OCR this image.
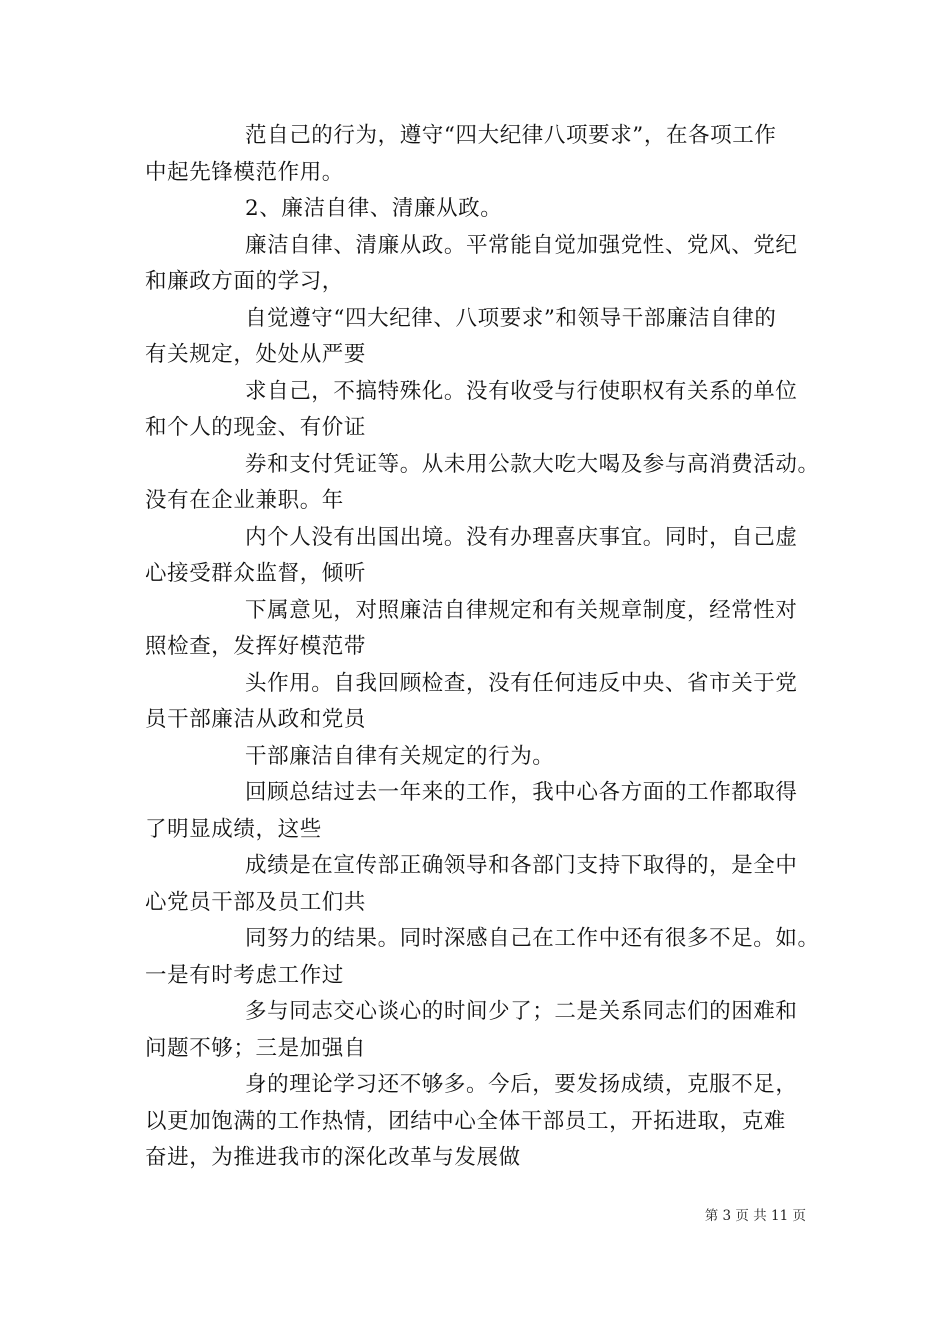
范自己的行为，遵守“四大纪律八项要求”，在各项工作
中起先锋模范作用。
2、廉洁自律、清廉从政。
廉洁自律、清廉从政。平常能自觉加强党性、党风、党纪
和廉政方面的学习，
自觉遵守“四大纪律、八项要求”和领导干部廉洁自律的
有关规定，处处从严要
求自己，不搞特殊化。没有收受与行使职权有关系的单位
和个人的现金、有价证
券和支付凭证等。从未用公款大吃大喝及参与高消费活动。
没有在企业兼职。年
内个人没有出国出境。没有办理喜庆事宜。同时，自己虚
心接受群众监督，倾听
下属意见，对照廉洁自律规定和有关规章制度，经常性对
照检查，发挥好模范带
头作用。自我回顾检查，没有任何违反中央、省市关于党
员干部廉洁从政和党员
干部廉洁自律有关规定的行为。
回顾总结过去一年来的工作，我中心各方面的工作都取得
了明显成绩，这些
成绩是在宣传部正确领导和各部门支持下取得的，是全中
心党员干部及员工们共
同努力的结果。同时深感自己在工作中还有很多不足。如。
一是有时考虑工作过
多与同志交心谈心的时间少了；二是关系同志们的困难和
问题不够；三是加强自
身的理论学习还不够多。今后，要发扬成绩，克服不足，
以更加饱满的工作热情，团结中心全体干部员工，开拓进取，克难
奋进，为推进我市的深化改革与发展做
第 3 页 共 11 页
